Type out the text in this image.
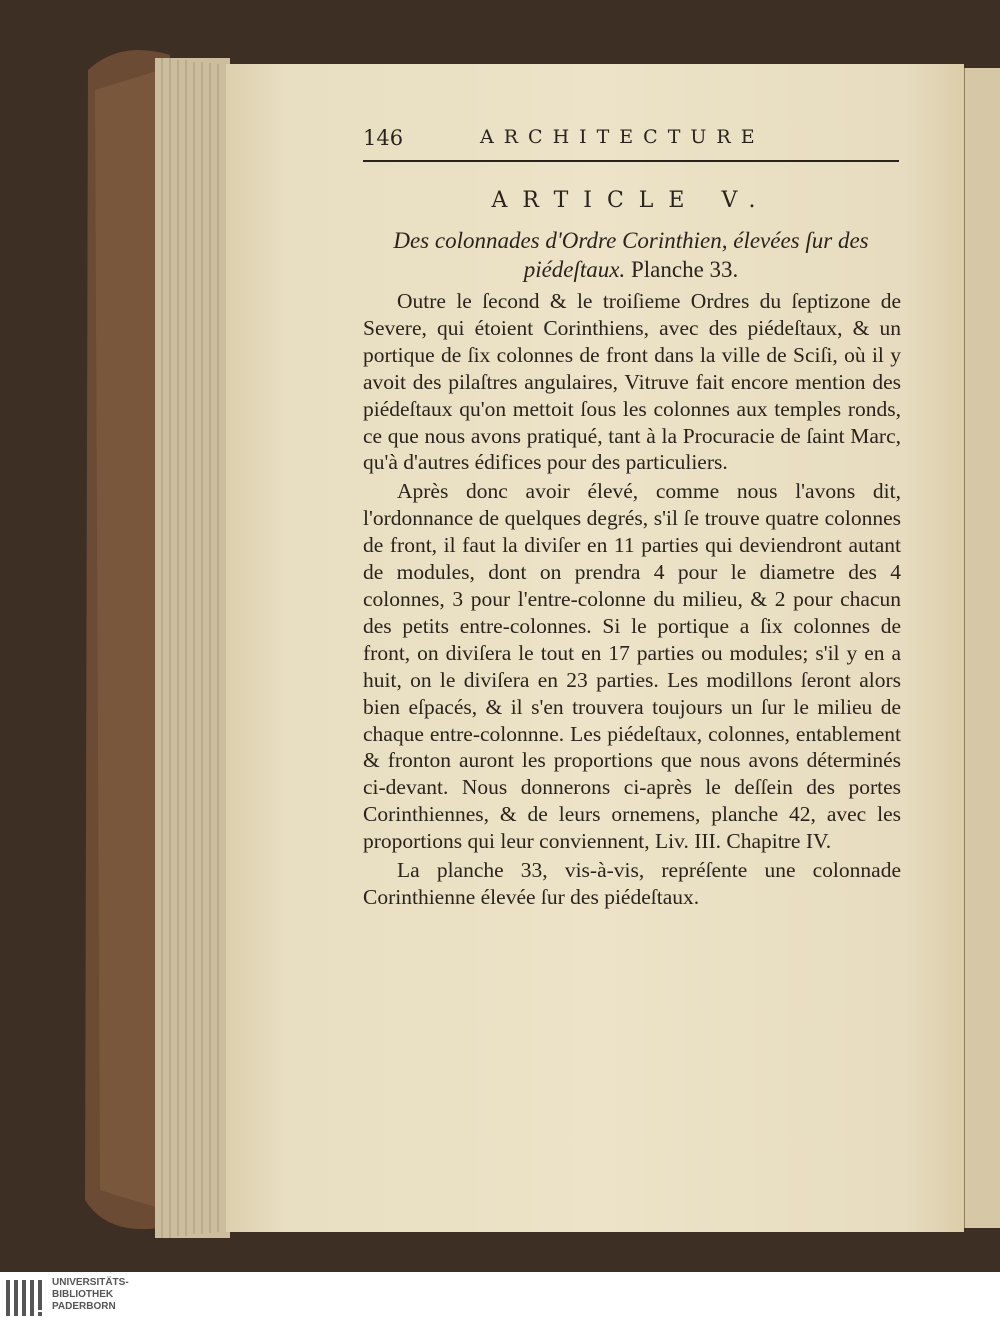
146	ARCHITECTURE
ARTICLE V.
Des colonnades d'Ordre Corinthien, élevées ſur des piédeſtaux. Planche 33.

Outre le ſecond & le troiſieme Ordres du ſeptizone de Severe, qui étoient Corinthiens, avec des piédeſtaux, & un portique de ſix colonnes de front dans la ville de Sciſi, où il y avoit des pilaſtres angulaires, Vitruve fait encore mention des piédeſtaux qu'on mettoit ſous les colonnes aux temples ronds, ce que nous avons pratiqué, tant à la Procuracie de ſaint Marc, qu'à d'autres édifices pour des particuliers.

Après donc avoir élevé, comme nous l'avons dit, l'ordonnance de quelques degrés, s'il ſe trouve quatre colonnes de front, il faut la diviſer en 11 parties qui deviendront autant de modules, dont on prendra 4 pour le diametre des 4 colonnes, 3 pour l'entre-colonne du milieu, & 2 pour chacun des petits entre-colonnes. Si le portique a ſix colonnes de front, on diviſera le tout en 17 parties ou modules; s'il y en a huit, on le diviſera en 23 parties. Les modillons ſeront alors bien eſpacés, & il s'en trouvera toujours un ſur le milieu de chaque entre-colonnne. Les piédeſtaux, colonnes, entablement & fronton auront les proportions que nous avons déterminés ci-devant. Nous donnerons ci-après le deſſein des portes Corinthiennes, & de leurs ornemens, planche 42, avec les proportions qui leur conviennent, Liv. III. Chapitre IV.

La planche 33, vis-à-vis, repréſente une colonnade Corinthienne élevée ſur des piédeſtaux.

UNIVERSITÄTS-
BIBLIOTHEK
PADERBORN
